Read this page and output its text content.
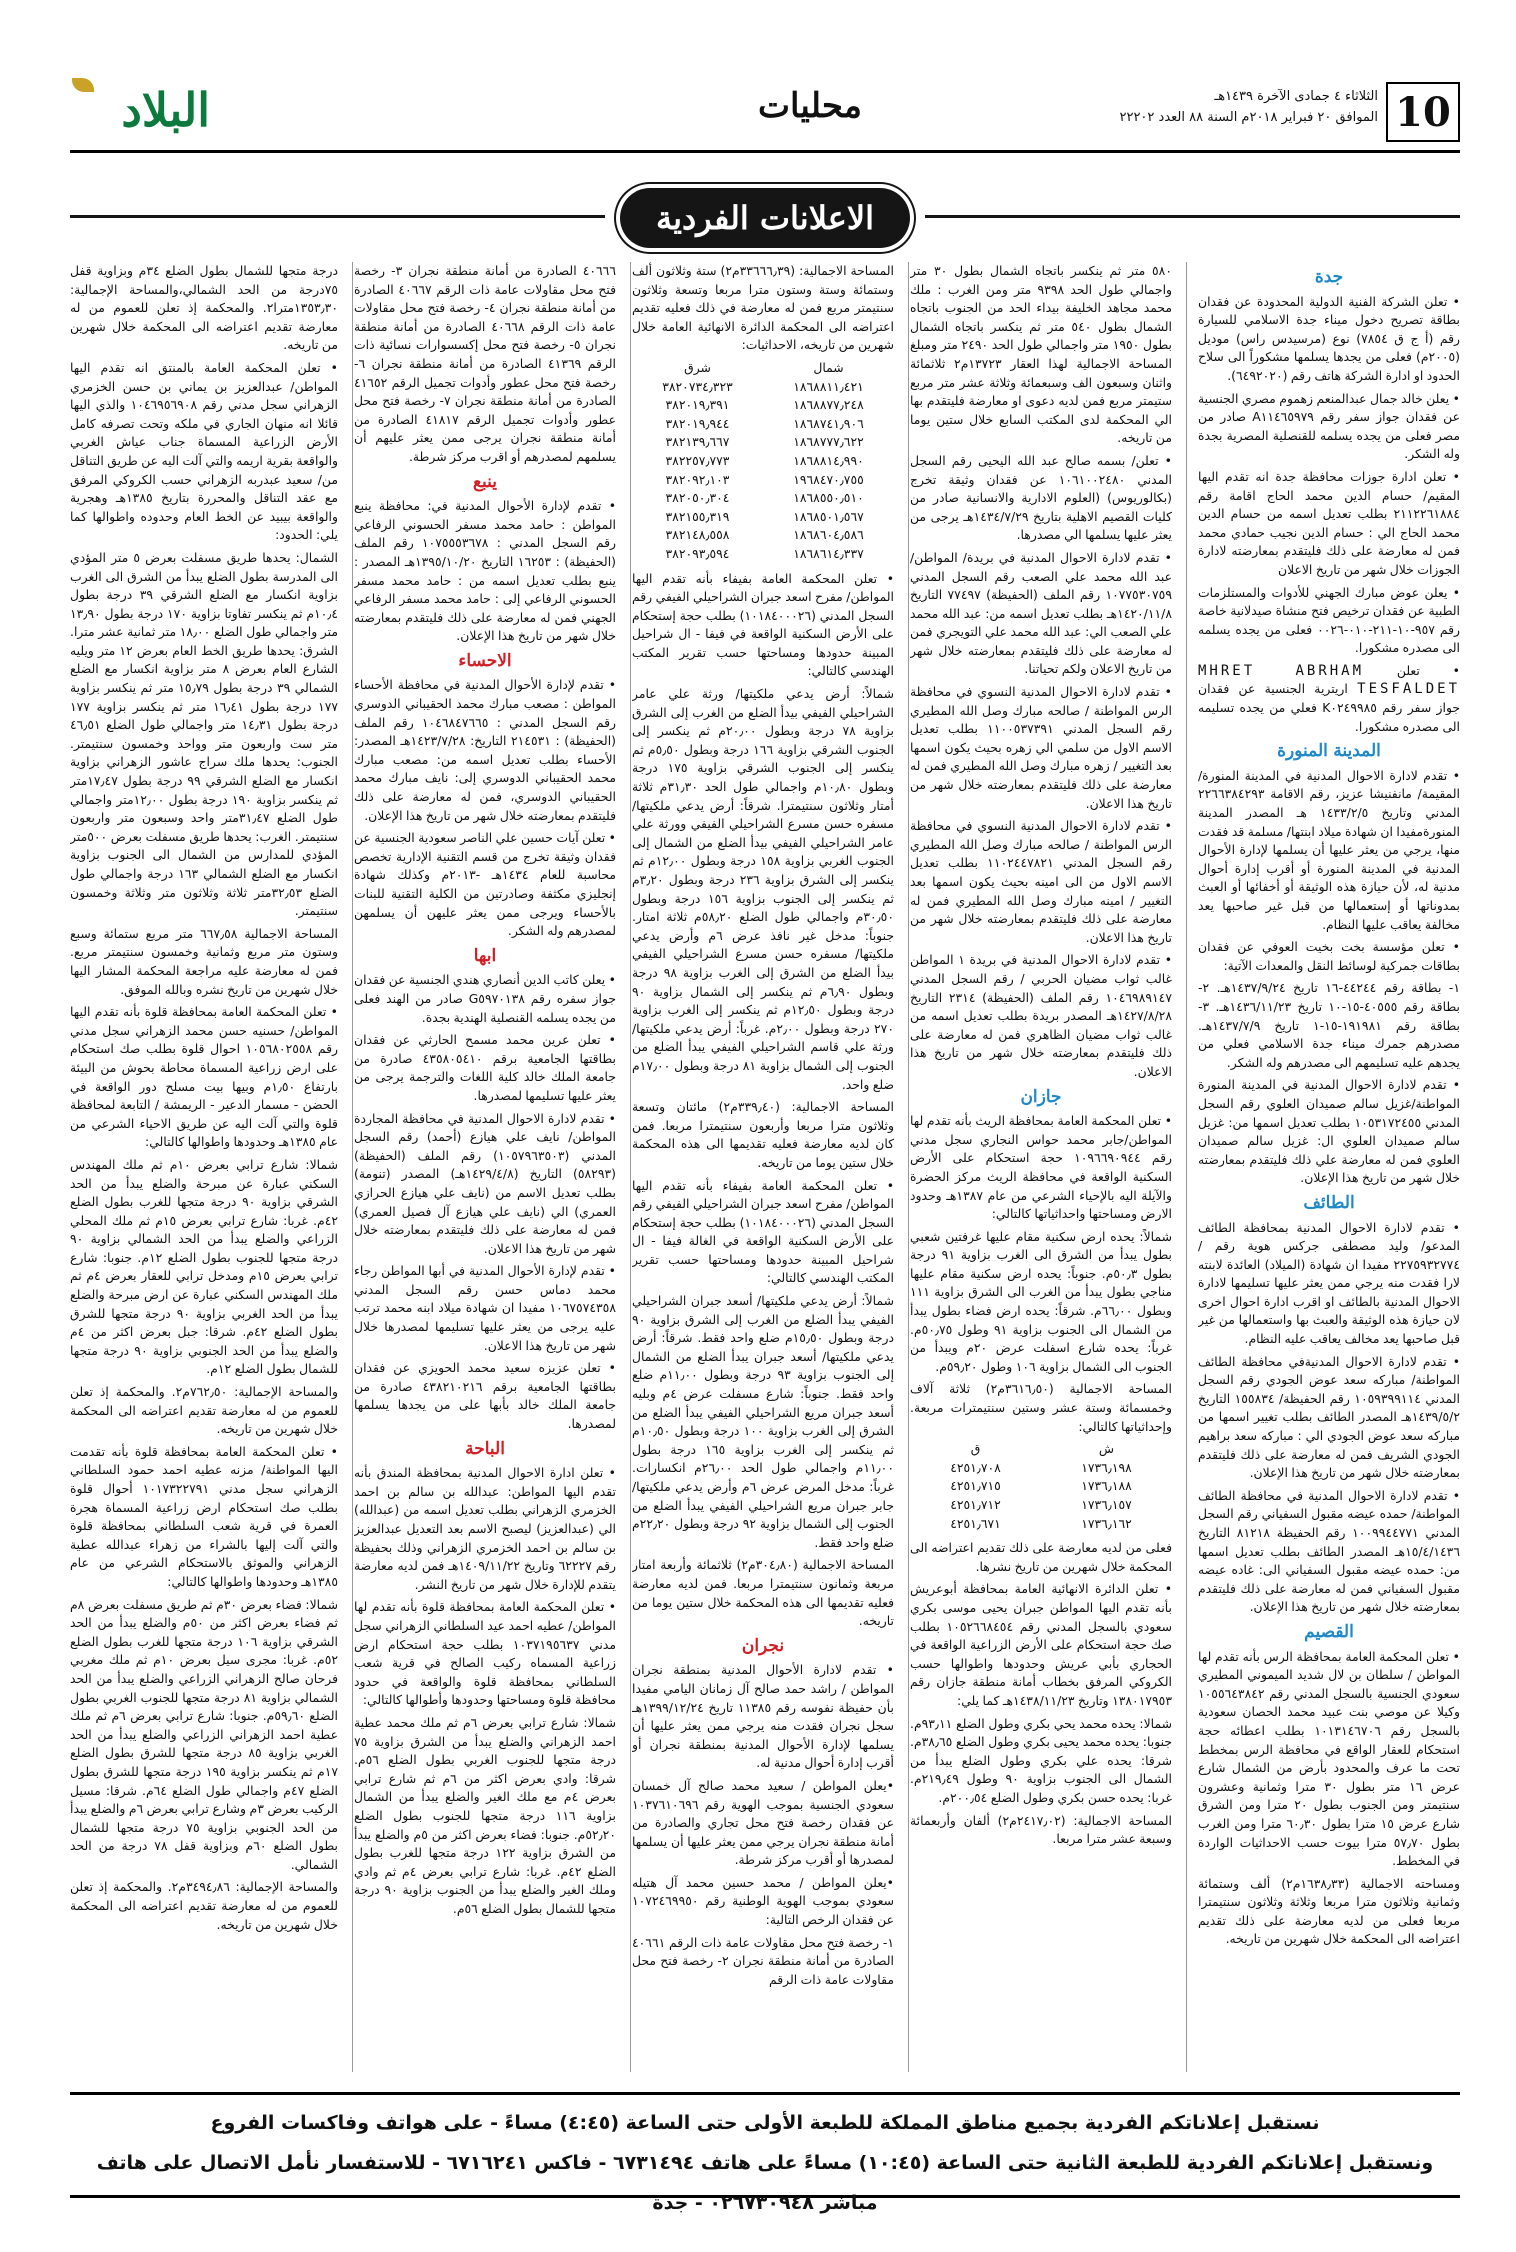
10
الثلاثاء ٤ جمادى الآخرة ١٤٣٩هـ
الموافق ٢٠ فبراير ٢٠١٨م السنة ٨٨ العدد ٢٢٢٠٢
محليات
البلاد
الاعلانات الفردية
جدة

• تعلن الشركة الفنية الدولية المحدودة عن فقدان بطاقة تصريح دخول ميناء جدة الاسلامي للسيارة رقم (أ ج ق ٧٨٥٤) نوع (مرسيدس راس) موديل (٢٠٠٥م) فعلى من يجدها يسلمها مشكوراً الى سلاح الحدود او ادارة الشركة هاتف رقم (٦٤٩٢٠٢٠).

• يعلن خالد جمال عبدالمنعم زهموم مصري الجنسية عن فقدان جواز سفر رقم A١١٤٦٥٩٧٩ صادر من مصر فعلى من يجده يسلمه للقنصلية المصرية بجدة وله الشكر.

• تعلن ادارة جوزات محافظة جدة انه تقدم اليها المقيم/ حسام الدين محمد الحاج اقامة رقم ٢١١٢٢٦١٨٨٤ بطلب تعديل اسمه من حسام الدين محمد الحاج الي : حسام الدين نجيب حمادي محمد فمن له معارضة على ذلك فليتقدم بمعارضته لادارة الجوزات خلال شهر من تاريخ الاعلان

• يعلن عوض مبارك الجهني للأدوات والمستلزمات الطبية عن فقدان ترخيص فتح منشاة صيدلانية خاصة رقم ٩٥٧-١٠-٢١١-٠١٠-٠٠٢٦ فعلى من يجده يسلمه الى مصدره مشكورا.

• تعلن MHRET ABRHAM TESFALDET اريترية الجنسية عن فقدان جواز سفر رقم K٠٢٤٩٩٨٥ فعلي من يجده تسليمه الى مصدره مشكورا.

المدينة المنورة

• تقدم لادارة الاحوال المدنية في المدينة المنورة/ المقيمة/ مانفنيشا عزيز، رقم الاقامة ٢٢٦٦٣٨٤٢٩٣ المدني وتاريخ ١٤٣٣/٢/٥ هـ المصدر المدينة المنورةمفيدا ان شهادة ميلاد ابنتها/ مسلمة قد فقدت منها، يرجي من يعثر عليها أن يسلمها لإدارة الأحوال المدنية في المدينة المنورة أو أقرب إدارة أحوال مدنية له، لأن حيازة هذه الوثيقة أو أخفائها أو العبث بمدوناتها أو إستعمالها من قبل غير صاحبها يعد مخالفة يعاقب عليها النظام.

• تعلن مؤسسة بخت بخيت العوفي عن فقدان بطاقات جمركية لوسائط النقل والمعدات الآتية:

١- بطاقة رقم ٤٤٢٤٤-١٦ تاريخ ١٤٣٧/٩/٢٤هـ. ٢- بطاقة رقم ٤٠٥٥٥-١٥-١٠ تاريخ ١٤٣٦/١١/٢٣هـ. ٣- بطاقة رقم ١٩١٩٨١-١٥-١ تاريخ ١٤٣٧/٧/٩هـ. مصدرهم جمرك ميناء جدة الاسلامي فعلي من يجدهم عليه تسليمهم الى مصدرهم وله الشكر.

• تقدم لادارة الاحوال المدنية في المدينة المنورة المواطنة/غزيل سالم صميدان العلوي رقم السجل المدني ١٠٥٣١٧٢٤٥٥ بطلب تعديل اسمها من: غزيل سالم صميدان العلوي ال: غزيل سالم صميدان العلوي فمن له معارضة علي ذلك فليتقدم بمعارضته خلال شهر من تاريخ هذا الإعلان.

الطائف

• تقدم لادارة الاحوال المدنية بمحافظة الطائف المدعو/ وليد مصطفى جركس هوية رقم / ٢٢٧٥٩٣٢٧٧٤ مفيدا ان شهادة (الميلاد) العائدة لابنته لارا فقدت منه يرجي ممن يعثر عليها تسليمها لادارة الاحوال المدنية بالطائف او اقرب ادارة احوال اخرى لان حيازة هذه الوثيقة والعبث بها واستعمالها من غير قبل صاحبها يعد مخالف يعاقب عليه النظام.

• تقدم لادارة الاحوال المدنيةفي محافظة الطائف المواطنة/ مباركه سعد عوض الجودي رقم السجل المدني ١٠٥٩٣٩٩١١٤ رقم الحفيظة/ ١٥٥٨٣٤ التاريخ ١٤٣٩/٥/٢هـ المصدر الطائف بطلب تغيير اسمها من مباركه سعد عوض الجودي الي : مباركه سعد براهيم الجودي الشريف فمن له معارضة على ذلك فليتقدم بمعارضته خلال شهر من تاريخ هذا الإعلان.

• تقدم لادارة الاحوال المدنية في محافظة الطائف المواطنة/ حمده عيضه مقبول السفياني رقم السجل المدني ١٠٠٩٩٤٤٧٧١ رقم الحفيظة ٨١٢١٨ التاريخ ١٥/٤/١٤٣٦هـ المصدر الطائف بطلب تعديل اسمها من: حمده عيضه مقبول السفياني الى: غاده عيضه مقبول السفياني فمن له معارضة على ذلك فليتقدم بمعارضته خلال شهر من تاريخ هذا الإعلان.

القصيم

• تعلن المحكمة العامة بمحافظة الرس بأنه تقدم لها المواطن / سلطان بن لال شديد الميموني المطيري سعودي الجنسية بالسجل المدني رقم ١٠٥٥٦٤٣٨٤٢ وكيلا عن موصي بنت عبيد محمد الحصان سعودية بالسجل رقم ١٠١٣١٤٦٧٠٦ بطلب اعطائه حجة استحكام للعقار الواقع في محافظة الرس بمخطط تحت ما عرف والمحدود بأرض من الشمال شارع عرض ١٦ متر بطول ٣٠ مترا وثمانية وعشرون سنتيمتر ومن الجنوب بطول ٢٠ مترا ومن الشرق شارع عرض ١٥ مترا بطول ٦٠٫٣٠ مترا ومن الغرب بطول ٥٧٫٧٠ مترا بيوت حسب الاحداثيات الواردة في المخطط.

ومساحته الاجمالية (١٦٣٨٫٣٣م٢) ألف وستمائة وثمانية وثلاثون مترا مربعا وثلاثة وثلاثون سنتيمترا مربعا فعلى من لديه معارضة على ذلك تقديم اعتراضه الى المحكمة خلال شهرين من تاريخه.

٥٨٠ متر ثم ينكسر باتجاه الشمال بطول ٣٠ متر واجمالي طول الحد ٩٣٩٨ متر ومن الغرب : ملك محمد مجاهد الخليفة بيداء الحد من الجنوب باتجاه الشمال بطول ٥٤٠ متر ثم ينكسر باتجاه الشمال بطول ١٩٥٠ متر واجمالي طول الحد ٢٤٩٠ متر ومبلغ المساحة الاجمالية لهذا العقار ١٣٧٢٣م٢ ثلاثمائة واثنان وسبعون الف وسبعمائة وثلاثة عشر متر مربع ستيمتر مربع فمن لديه دعوى او معارضة فليتقدم بها الي المحكمة لدى المكتب السابع خلال ستين يوما من تاريخه.

• تعلن/ بسمه صالح عبد الله اليحيى رقم السجل المدني ١٠٦١٠٠٢٤٨٠ عن فقدان وثيقة تخرج (بكالوريوس) (العلوم الادارية والانسانية صادر من كليات القصيم الاهلية بتاريخ ١٤٣٤/٧/٢٩هـ يرجى من يعثر عليها يسلمها الي مصدرها.

• تقدم لادارة الاحوال المدنية في بريدة/ المواطن/ عبد الله محمد علي الصعب رقم السجل المدني ١٠٧٧٥٣٠٧٥٩ رقم الملف (الحفيظة) ٧٧٤٩٧ التاريخ ١٤٢٠/١١/٨هـ بطلب تعديل اسمه من: عبد الله محمد علي الصعب الي: عبد الله محمد علي التويجري فمن له معارضة على ذلك فليتقدم بمعارضته خلال شهر من تاريخ الاعلان ولكم تحياتنا.

• تقدم لادارة الاحوال المدنية النسوي في محافظة الرس المواطنة / صالحه مبارك وصل الله المطيري رقم السجل المدني ١١٠٠٥٣٧٣٩١ بطلب تعديل الاسم الاول من سلمي الي زهره بحيث يكون اسمها بعد التغيير / زهره مبارك وصل الله المطيري فمن له معارضة على ذلك فليتقدم بمعارضته خلال شهر من تاريخ هذا الاعلان.

• تقدم لادارة الاحوال المدنية النسوي في محافظة الرس المواطنة / صالحه مبارك وصل الله المطيري رقم السجل المدني ١١٠٢٤٤٧٨٢١ بطلب تعديل الاسم الاول من الى امينه بحيث يكون اسمها بعد التغيير / امينه مبارك وصل الله المطيري فمن له معارضة على ذلك فليتقدم بمعارضته خلال شهر من تاريخ هذا الاعلان.

• تقدم لادارة الاحوال المدنية في بريدة ١ المواطن غالب ثواب مضيان الحربي / رقم السجل المدني ١٠٤٦٩٨٩١٤٧ رقم الملف (الحفيظة) ٢٣١٤ التاريخ ١٤٢٧/٨/٢٨هـ المصدر بريدة بطلب تعديل اسمه من غالب ثواب مضيان الظاهري فمن له معارضة على ذلك فليتقدم بمعارضته خلال شهر من تاريخ هذا الاعلان.

جازان

• تعلن المحكمة العامة بمحافظة الريث بأنه تقدم لها المواطن/جابر محمد حواس النجاري سجل مدني رقم ١٠٩٦٦٩٠٩٤٤ حجة استحكام على الأرض السكنية الواقعة في محافظة الريث مركز الحضرة والآيلة اليه بالإحياء الشرعي من عام ١٣٨٧هـ وحدود الارض ومساحتها واحداثياتها كالتالي:

شمالاً: يحده ارض سكنية مقام عليها غرفتين شعبي بطول يبدأ من الشرق الى الغرب بزاوية ٩١ درجة بطول ٥٠٫٣م. جنوباً: يحده ارض سكنية مقام عليها مناجي بطول يبدأ من الغرب الى الشرق بزاوية ١١١ وبطول ٦٦٫٠٠م. شرقاً: يحده ارض فضاء بطول يبدأ من الشمال الى الجنوب بزاوية ٩١ وطول ٥٠٫٧٥م. غرباً: يحده شارع اسفلت عرض ٢٠م ويبدأ من الجنوب الى الشمال بزاوية ١٠٦ وطول ٥٩٫٢٠م.

المساحة الاجمالية (٣٦١٦٫٥٠م٢) ثلاثة آلاف وخمسمائة وستة عشر وستين سنتيمترات مربعة. وإحداثياتها كالتالي:

ش	ق
١٧٣٦٫١٩٨	٤٢٥١٫٧٠٨
١٧٣٦٫١٨٨	٤٢٥١٫٧١٥
١٧٣٦٫١٥٧	٤٢٥١٫٧١٢
١٧٣٦٫١٦٢	٤٢٥١٫٦٧١

فعلى من لديه معارضة على ذلك تقديم اعتراضه الى المحكمة خلال شهرين من تاريخ نشرها.

• تعلن الدائرة الانهائية العامة بمحافظة أبوعريش بأنه تقدم اليها المواطن جبران يحيى موسى بكري سعودي بالسجل المدني رقم ١٠٥٢٦٦٨٤٥٤ بطلب صك حجة استحكام على الأرض الزراعية الواقعة في الحجاري بأبي عريش وحدودها واطوالها حسب الكروكي المرفق بخطاب أمانة منطقة جازان رقم ١٣٨٠١٧٩٥٣ وتاريخ ١٤٣٨/١١/٢٣هـ كما يلي:

شمالا: يحده محمد يحي بكري وطول الضلع ٩٣٫١١م. جنوبا: يحده محمد يحيى بكري وطول الضلع ٣٨٫٦٥م. شرقا: يحده علي بكري وطول الضلع يبدأ من الشمال الى الجنوب بزاوية ٩٠ وطول ٢١٩٫٤٩م. غربا: يحده حسن بكري وطول الضلع ٢٠٠٫٥٤م.

المساحة الاجمالية: (٢٤١٧٫٠٢م٢) ألفان وأربعمائة وسبعة عشر مترا مربعا.

المساحة الاجمالية: (٣٣٦٦٦٫٣٩م٢) ستة وثلاثون ألف وستمائة وستة وستون مترا مربعا وتسعة وثلاثون سنتيمتر مربع فمن له معارضة في ذلك فعليه تقديم اعتراضه الى المحكمة الدائرة الانهائية العامة خلال شهرين من تاريخه، الاحداثيات:

شمال	شرق
١٨٦٨٨١١٫٤٢١	٣٨٢٠٧٣٤٫٣٢٣
١٨٦٨٨٧٧٫٢٤٨	٣٨٢٠١٩٫٣٩١
١٨٦٨٧٤١٫٩٠٦	٣٨٢٠١٩٫٩٤٤
١٨٦٨٧٧٧٫٦٢٢	٣٨٢١٣٩٫٦٦٧
١٨٦٨٨١٤٫٩٩٠	٣٨٢٢٥٧٫٧٧٣
١٩٦٨٤٧٠٫٧٥٥	٣٨٢٠٩٢٫١٠٣
١٨٦٨٥٥٠٫٥١٠	٣٨٢٠٥٠٫٣٠٤
١٨٦٨٥٠١٫٥٦٧	٣٨٢١٥٥٫٣١٩
١٨٦٨٦٠٤٫٥٨٦	٣٨٢١٤٨٫٥٥٨
١٨٦٨٦١٤٫٣٣٧	٣٨٢٠٩٣٫٥٩٤

• تعلن المحكمة العامة بفيفاء بأنه تقدم اليها المواطن/ مفرح اسعد جبران الشراحيلي الفيفي رقم السجل المدني (١٠١٨٤٠٠٠٢٦) بطلب حجة إستحكام على الأرض السكنية الواقعة في فيفا - ال شراحيل المبينة حدودها ومساحتها حسب تقرير المكتب الهندسي كالتالي:

شمالاً: أرض يدعي ملكيتها/ ورثة علي عامر الشراحيلي الفيفي بيدأ الضلع من الغرب إلى الشرق بزاوية ٧٨ درجة وبطول ٢٠٫٠٠م ثم ينكسر إلى الجنوب الشرقي بزاوية ١٦٦ درجة وبطول ٥٫٥٠م ثم ينكسر إلى الجنوب الشرقي بزاوية ١٧٥ درجة وبطول ١٠٫٨٠م واجمالي طول الحد ٣١٫٣٠م ثلاثة أمتار وثلاثون سنتيمترا. شرقاً: أرض يدعي ملكيتها/ مسفره حسن مسرع الشراحيلي الفيفي وورثة علي عامر الشراحيلي الفيفي بيدأ الضلع من الشمال إلى الجنوب الغربي بزاوية ١٥٨ درجة وبطول ١٢٫٠٠م ثم ينكسر إلى الشرق بزاوية ٢٣٦ درجة وبطول ٣٫٢٠م ثم ينكسر إلى الجنوب بزاوية ١٥٦ درجة وبطول ٣٠٫٥٠م واجمالي طول الضلع ٥٨٫٢٠م ثلاثة امتار. جنوباً: مدخل غير نافذ عرض ٦م وأرض يدعي ملكيتها/ مسفره حسن مسرع الشراحيلي الفيفي بيدأ الضلع من الشرق إلى الغرب بزاوية ٩٨ درجة وبطول ٦٫٩٠م ثم ينكسر إلى الشمال بزاوية ٩٠ درجة وبطول ١٢٫٥٠م ثم ينكسر إلى الغرب بزاوية ٢٧٠ درجة وبطول ٢٫٠٠م. غرباً: أرض يدعي ملكيتها/ ورثة علي قاسم الشراحيلي الفيفي يبدأ الضلع من الجنوب إلى الشمال بزاوية ٨١ درجة وبطول ١٧٫٠٠م ضلع واحد.

المساحة الاجمالية: (٣٣٩٫٤٠م٢) مائتان وتسعة وثلاثون مترا مربعا وأربعون سنتيمترا مربعا. فمن كان لديه معارضة فعليه تقديمها الى هذه المحكمة خلال ستين يوما من تاريخه.

• تعلن المحكمة العامة بفيفاء بأنه تقدم اليها المواطن/ مفرح اسعد جبران الشراحيلي الفيفي رقم السجل المدني (١٠١٨٤٠٠٠٢٦) بطلب حجة إستحكام على الأرض السكنية الواقعة في الغالة فيفا - ال شراحيل المبينة حدودها ومساحتها حسب تقرير المكتب الهندسي كالتالي:

شمالاً: أرض يدعي ملكيتها/ أسعد جبران الشراحيلي الفيفي يبدأ الضلع من الغرب إلى الشرق بزاوية ٩٠ درجة وبطول ١٥٫٥٠م ضلع واحد فقط. شرقاً: أرض يدعي ملكيتها/ أسعد جبران يبدأ الضلع من الشمال إلى الجنوب بزاوية ٩٣ درجة وبطول ١١٫٠٠م ضلع واحد فقط. جنوباً: شارع مسفلت عرض ٤م وبليه أسعد جبران مريع الشراحيلي الفيفي يبدأ الضلع من الشرق إلى الغرب بزاوية ١٠٠ درجة وبطول ١٠٫٥٠م ثم ينكسر إلى الغرب بزاوية ١٦٥ درجة بطول ١١٫٠٠م واجمالي طول الحد ٢٦٫٠٠م انكسارات. غرباً: مدخل المرض عرض ٦م وأرض يدعي ملكيتها/ جابر جبران مريع الشراحيلي الفيفي يبدأ الضلع من الجنوب إلى الشمال بزاوية ٩٢ درجة وبطول ٢٢٫٢٠م ضلع واحد فقط.

المساحة الاجمالية (٣٠٤٫٨٠م٢) ثلاثمائة وأربعة امتار مربعة وثمانون سنتيمترا مربعا. فمن لديه معارضة فعليه تقديمها الى هذه المحكمة خلال ستين يوما من تاريخه.

نجران

• تقدم لادارة الأحوال المدنية بمنطقة نجران المواطن / راشد حمد صالح آل زمانان اليامي مفيدا بأن حفيظة نفوسه رقم ١١٣٨٥ تاريخ ١٣٩٩/١٢/٢٤هـ سجل نجران فقدت منه يرجي ممن يعثر عليها أن يسلمها لإدارة الأحوال المدنية بمنطقة نجران أو أقرب إدارة أحوال مدنية له.

•يعلن المواطن / سعيد محمد صالح آل خمسان سعودي الجنسية بموجب الهوية رقم ١٠٣٧٦١٠٦٩٦ عن فقدان رخصة فتح محل تجاري والصادرة من أمانة منطقة نجران يرجي ممن يعثر عليها أن يسلمها لمصدرها أو أقرب مركز شرطة.

•يعلن المواطن / محمد حسين محمد آل هتيله سعودي بموجب الهوية الوطنية رقم ١٠٧٢٤٦٩٩٥٠ عن فقدان الرخص التالية:

١- رخصة فتح محل مقاولات عامة ذات الرقم ٤٠٦٦١ الصادرة من أمانة منطقة نجران ٢- رخصة فتح محل مقاولات عامة ذات الرقم

٤٠٦٦٦ الصادرة من أمانة منطقة نجران ٣- رخصة فتح محل مقاولات عامة ذات الرقم ٤٠٦٦٧ الصادرة من أمانة منطقة نجران ٤- رخصة فتح محل مقاولات عامة ذات الرقم ٤٠٦٦٨ الصادرة من أمانة منطقة نجران ٥- رخصة فتح محل إكسسوارات نسائية ذات الرقم ٤١٣٦٩ الصادرة من أمانة منطقة نجران ٦- رخصة فتح محل عطور وأدوات تجميل الرقم ٤١٦٥٢ الصادرة من أمانة منطقة نجران ٧- رخصة فتح محل عطور وأدوات تجميل الرقم ٤١٨١٧ الصادرة من أمانة منطقة نجران يرجى ممن يعثر عليهم أن يسلمهم لمصدرهم أو اقرب مركز شرطة.

ينبع

• تقدم لإدارة الأحوال المدنية في: محافظة ينبع المواطن : حامد محمد مسفر الحسوني الرفاعي رقم السجل المدني : ١٠٧٥٥٥٣٦٧٨ رقم الملف (الحفيظة) : ١٦٢٥٣ التاريخ ١٣٩٥/١٠/٢٠هـ المصدر : ينبع بطلب تعديل اسمه من : حامد محمد مسفر الحسوني الرفاعي إلى : حامد محمد مسفر الرفاعي الجهني فمن له معارضة على ذلك فليتقدم بمعارضته خلال شهر من تاريخ هذا الإعلان.

الاحساء

• تقدم لإدارة الأحوال المدنية في محافظة الأحساء المواطن : مصعب مبارك محمد الحقيباني الدوسري رقم السجل المدني : ١٠٤٦٨٤٧٦٦٥ رقم الملف (الحفيظة) : ٢١٤٥٣١ التاريخ: ١٤٢٣/٧/٢٨هـ المصدر: الأحساء بطلب تعديل اسمه من: مصعب مبارك محمد الحقيباني الدوسري إلى: نايف مبارك محمد الحقيباني الدوسري، فمن له معارضة على ذلك فليتقدم بمعارضته خلال شهر من تاريخ هذا الإعلان.

• تعلن آيات حسين علي الناصر سعودية الجنسية عن فقدان وثيقة تخرج من قسم التقنية الإدارية تخصص محاسبة للعام ١٤٣٤هـ -٢٠١٣م وكذلك شهادة إنجليزي مكثفة وصادرتين من الكلية التقنية للبنات بالأحساء ويرجى ممن يعثر عليهن أن يسلمهن لمصدرهم وله الشكر.

ابها

• يعلن كاتب الدين أنصاري هندي الجنسية عن فقدان جواز سفره رقم G٥٩٧٠١٣٨ صادر من الهند فعلى من يجده يسلمه القنصلية الهندية بجدة.

• تعلن عرين محمد مسمح الحارثي عن فقدان بطاقتها الجامعية برقم ٤٣٥٨٠٥٤١٠ صادرة من جامعة الملك خالد كلية اللغات والترجمة يرجى من يعثر عليها تسليمها لمصدرها.

• تقدم لادارة الاحوال المدنية في محافظة المجاردة المواطن/ نايف علي هيازع (أحمد) رقم السجل المدني (١٠٥٧٩٦٣٥٠٣) رقم الملف (الحفيظة) (٥٨٢٩٣) التاريخ (١٤٢٩/٤/٨هـ) المصدر (تنومة) بطلب تعديل الاسم من (نايف علي هيازع الحرازي العمري) الي (نايف علي هيازع آل فصيل العمري) فمن له معارضة على ذلك فليتقدم بمعارضته خلال شهر من تاريخ هذا الاعلان.

• تقدم لإدارة الأحوال المدنية في أبها المواطن رجاء محمد دماس حسن رقم السجل المدني ١٠٦٧٥٧٤٣٥٨ مفيدا ان شهادة ميلاد ابنه محمد ترتب عليه يرجى من يعثر عليها تسليمها لمصدرها خلال شهر من تاريخ هذا الاعلان.

• تعلن عزيزه سعيد محمد الحويزي عن فقدان بطاقتها الجامعية برقم ٤٣٨٢١٠٢١٦ صادرة من جامعة الملك خالد بأبها على من يجدها يسلمها لمصدرها.

الباحة

• تعلن ادارة الاحوال المدنية بمحافظة المندق بأنه تقدم اليها المواطن: عبدالله بن سالم بن احمد الخزمري الزهراني بطلب تعديل اسمه من (عبدالله) الي (عبدالعزيز) ليصبح الاسم بعد التعديل عبدالعزيز بن سالم بن احمد الخزمري الزهراني وذلك بحفيظة رقم ٦٢٢٢٧ وتاريخ ١٤٠٩/١١/٢٢هـ فمن لديه معارضة يتقدم للإدارة خلال شهر من تاريخ النشر.

• تعلن المحكمة العامة بمحافظة قلوة بأنه تقدم لها المواطن/ عطيه احمد عيد السلطاني الزهراني سجل مدني ١٠٣٧١٩٥٦٣٧ بطلب حجة استحكام ارض زراعية المسماه ركيب الصالح في قرية شعب السلطاني بمحافظة قلوة والواقعة في حدود محافظة قلوة ومساحتها وحدودها وأطوالها كالتالي:

شمالا: شارع ترابي بعرض ٦م ثم ملك محمد عطية احمد الزهراني والضلع يبدأ من الشرق بزاوية ٧٥ درجة متجها للجنوب الغربي بطول الضلع ٥٦م. شرقا: وادي بعرض اكثر من ٦م ثم شارع ترابي بعرض ٤م مع ملك الغير والضلع يبدأ من الشمال بزاوية ١١٦ درجة متجها للجنوب بطول الضلع ٥٢٫٢٠م. جنوبا: فضاء بعرض اكثر من ٥م والضلع يبدأ من الشرق بزاوية ١٢٢ درجة متجها للغرب بطول الضلع ٤٢م. غربا: شارع ترابي بعرض ٤م ثم وادي وملك الغير والضلع يبدأ من الجنوب بزاوية ٩٠ درجة متجها للشمال بطول الضلع ٥٦م.

درجة متجها للشمال بطول الضلع ٣٤م وبزاوية قفل ٧٥درجة من الحد الشمالي،والمساحة الإجمالية: ١٣٥٣٫٣٠مترا٢. والمحكمة إذ تعلن للعموم من له معارضة تقديم اعتراضه الى المحكمة خلال شهرين من تاريخه.

• تعلن المحكمة العامة بالمنتق انه تقدم اليها المواطن/ عبدالعزيز بن يماني بن حسن الخزمري الزهراني سجل مدني رقم ١٠٤٦٩٥٦٩٠٨ والذي اليها قائلا انه منهان الجاري في ملكه وتحت تصرفه كامل الأرض الزراعية المسماة جناب عياش الغربي والواقعة بقرية اريمه والتي آلت اليه عن طريق التناقل من/ سعيد عبدربه الزهراني حسب الكروكي المرفق مع عقد التناقل والمحررة بتاريخ ١٣٨٥هـ وهجرية والواقعة بيبيد عن الخط العام وحدوده واطوالها كما يلي: الحدود:

الشمال: يحدها طريق مسفلت بعرض ٥ متر المؤدي الى المدرسة بطول الضلع يبدأ من الشرق الى الغرب بزاوية انكسار مع الضلع الشرقي ٣٩ درجة بطول ١٠٫٤م ثم ينكسر تفاوتا بزاوية ١٧٠ درجة بطول ١٣٫٩٠ متر واجمالي طول الضلع ١٨٫٠٠ متر ثمانية عشر مترا. الشرق: يحدها طريق الخط العام بعرض ١٢ متر ويليه الشارع العام بعرض ٨ متر بزاوية انكسار مع الضلع الشمالي ٣٩ درجة بطول ١٥٫٧٩ متر ثم ينكسر بزاوية ١٧٧ درجة بطول ١٦٫٤١ متر ثم ينكسر بزاوية ١٧٧ درجة بطول ١٤٫٣١ متر واجمالي طول الضلع ٤٦٫٥١ متر ست واربعون متر وواحد وخمسون سنتيمتر. الجنوب: يحدها ملك سراج عاشور الزهراني بزاوية انكسار مع الضلع الشرقي ٩٩ درجة بطول ١٧٫٤٧متر ثم ينكسر بزاوية ١٩٠ درجة بطول ١٢٫٠٠متر واجمالي طول الضلع ٣١٫٤٧متر واحد وسبعون متر واربعون سنتيمتر. الغرب: يحدها طريق مسفلت بعرض ٥٠٠متر المؤدي للمدارس من الشمال الى الجنوب بزاوية انكسار مع الضلع الشمالي ١٦٣ درجة واجمالي طول الضلع ٣٢٫٥٣متر ثلاثة وثلاثون متر وثلاثة وخمسون سنتيمتر.

المساحة الاجمالية ٦٦٧٫٥٨ متر مربع ستمائة وسبع وستون متر مربع وثمانية وخمسون سنتيمتر مربع. فمن له معارضة عليه مراجعة المحكمة المشار اليها خلال شهرين من تاريخ نشره وبالله الموفق.

• تعلن المحكمة العامة بمحافظة قلوة بأنه تقدم اليها المواطن/ حسنيه حسن محمد الزهراني سجل مدني رقم ١٠٥٦٨٠٢٥٥٨ احوال قلوة بطلب صك استحكام على ارض زراعية المسماة محاطة بحوش من البيئة بارتفاع ١٫٥٠م وبيها بيت مسلح دور الواقعة في الحضن - مسمار الدعير - الريمشة / التابعة لمحافظة قلوة والتي آلت اليه عن طريق الاحياء الشرعي من عام ١٣٨٥هـ وحدودها واطوالها كالتالي:

شمالا: شارع ترابي بعرض ١٠م ثم ملك المهندس السكني عبارة عن مبرحة والضلع يبدأ من الحد الشرقي بزاوية ٩٠ درجة متجها للغرب بطول الضلع ٤٢م. غربا: شارع ترابي بعرض ١٥م ثم ملك المحلي الزراعي والضلع يبدأ من الحد الشمالي بزاوية ٩٠ درجة متجها للجنوب بطول الضلع ١٢م. جنوبا: شارع ترابي بعرض ١٥م ومدخل ترابي للعقار بعرض ٤م ثم ملك المهندس السكني عبارة عن ارض مبرحة والضلع يبدأ من الحد الغربي بزاوية ٩٠ درجة متجها للشرق بطول الضلع ٤٢م. شرقا: جبل بعرض اكثر من ٤م والضلع يبدأ من الحد الجنوبي بزاوية ٩٠ درجة متجها للشمال بطول الضلع ١٢م.

والمساحة الإجمالية: ٧٦٢٫٥٠م٢. والمحكمة إذ تعلن للعموم من له معارضة تقديم اعتراضه الى المحكمة خلال شهرين من تاريخه.

• تعلن المحكمة العامة بمحافظة قلوة بأنه تقدمت اليها المواطنة/ مزنه عطيه احمد حمود السلطاني الزهراني سجل مدني ١٠١٧٣٢٢٧٩١ أحوال قلوة بطلب صك استحكام ارض زراعية المسماة هجرة العمرة في قرية شعب السلطاني بمحافظة قلوة والتي آلت إليها بالشراء من زهراء عبدالله عطية الزهراني والموثق بالاستحكام الشرعي من عام ١٣٨٥هـ وحدودها واطوالها كالتالي:

شمالا: فضاء بعرض ٣٠م ثم طريق مسفلت بعرض ٨م ثم فضاء بعرض اكثر من ٥٠م والضلع يبدأ من الحد الشرقي بزاوية ١٠٦ درجة متجها للغرب بطول الضلع ٥٢م. غربا: مجرى سيل بعرض ١٠م ثم ملك مغربي فرحان صالح الزهراني الزراعي والضلع يبدأ من الحد الشمالي بزاوية ٨١ درجة متجها للجنوب الغربي بطول الضلع ٥٩٫٦٠م. جنوبا: شارع ترابي بعرض ٦م ثم ملك عطية احمد الزهراني الزراعي والضلع يبدأ من الحد الغربي بزاوية ٨٥ درجة متجها للشرق بطول الضلع ١٧م ثم ينكسر بزاوية ١٩٥ درجة متجها للشرق بطول الضلع ٤٧م واجمالي طول الضلع ٦٤م. شرقا: مسيل الركيب بعرض ٣م وشارع ترابي بعرض ٦م والضلع يبدأ من الحد الجنوبي بزاوية ٧٥ درجة متجها للشمال بطول الضلع ٦٠م وبزاوية قفل ٧٨ درجة من الحد الشمالي.

والمساحة الإجمالية: ٣٤٩٤٫٨٦م٢. والمحكمة إذ تعلن للعموم من له معارضة تقديم اعتراضه الى المحكمة خلال شهرين من تاريخه.

نستقبل إعلاناتكم الفردية بجميع مناطق المملكة للطبعة الأولى حتى الساعة (٤:٤٥) مساءً - على هواتف وفاكسات الفروع
ونستقبل إعلاناتكم الفردية للطبعة الثانية حتى الساعة (١٠:٤٥) مساءً على هاتف ٦٧٣١٤٩٤ - فاكس ٦٧١٦٢٤١ - للاستفسار نأمل الاتصال على هاتف مباشر ٠٢٦٧٣٠٩٤٨ - جدة
